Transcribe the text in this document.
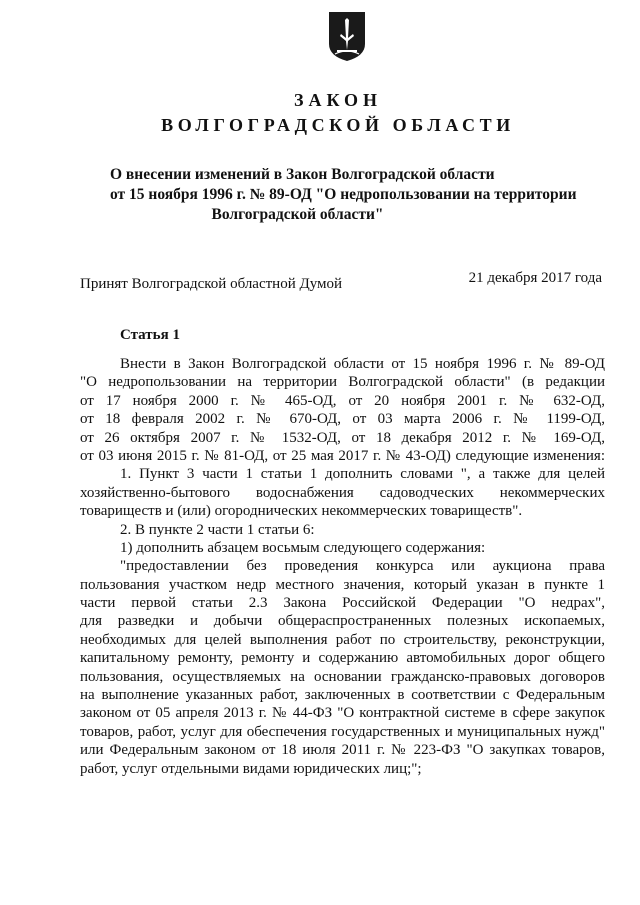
ЗАКОН
ВОЛГОГРАДСКОЙ ОБЛАСТИ
О внесении изменений в Закон Волгоградской области
от 15 ноября 1996 г. № 89-ОД "О недропользовании на территории
Волгоградской области"
Принят Волгоградской областной Думой	21 декабря 2017 года
Статья 1
Внести в Закон Волгоградской области от 15 ноября 1996 г. № 89-ОД
"О недропользовании на территории Волгоградской области" (в редакции
от 17 ноября 2000 г. № 465-ОД, от 20 ноября 2001 г. № 632-ОД,
от 18 февраля 2002 г. № 670-ОД, от 03 марта 2006 г. № 1199-ОД,
от 26 октября 2007 г. № 1532-ОД, от 18 декабря 2012 г. № 169-ОД,
от 03 июня 2015 г. № 81-ОД, от 25 мая 2017 г. № 43-ОД) следующие изменения:
1. Пункт 3 части 1 статьи 1 дополнить словами ", а также для целей
хозяйственно-бытового водоснабжения садоводческих некоммерческих
товариществ и (или) огороднических некоммерческих товариществ".
2. В пункте 2 части 1 статьи 6:
1) дополнить абзацем восьмым следующего содержания:
"предоставлении без проведения конкурса или аукциона права
пользования участком недр местного значения, который указан в пункте 1
части первой статьи 2.3 Закона Российской Федерации "О недрах",
для разведки и добычи общераспространенных полезных ископаемых,
необходимых для целей выполнения работ по строительству, реконструкции,
капитальному ремонту, ремонту и содержанию автомобильных дорог общего
пользования, осуществляемых на основании гражданско-правовых договоров
на выполнение указанных работ, заключенных в соответствии с Федеральным
законом от 05 апреля 2013 г. № 44-ФЗ "О контрактной системе в сфере закупок
товаров, работ, услуг для обеспечения государственных и муниципальных нужд"
или Федеральным законом от 18 июля 2011 г. № 223-ФЗ "О закупках товаров,
работ, услуг отдельными видами юридических лиц;";
